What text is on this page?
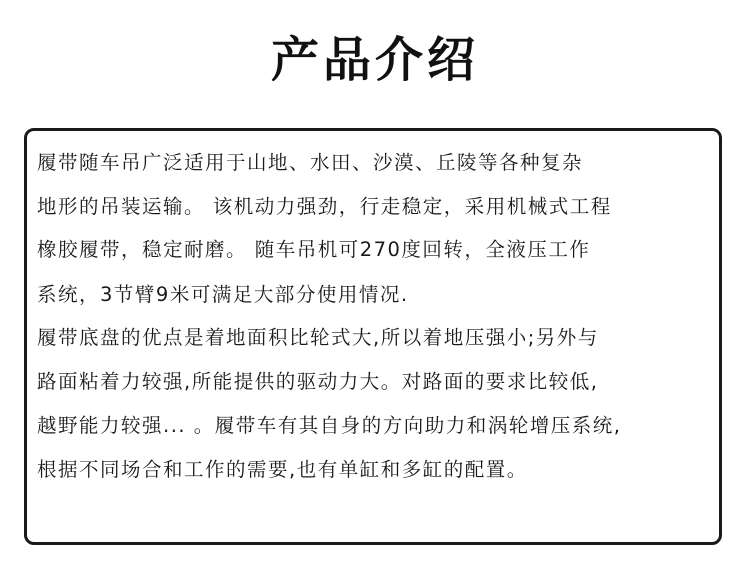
产品介绍
履带随车吊广泛适用于山地、水田、沙漠、丘陵等各种复杂
地形的吊装运输。 该机动力强劲，行走稳定，采用机械式工程
橡胶履带，稳定耐磨。 随车吊机可270度回转，全液压工作
系统，3节臂9米可满足大部分使用情况.
履带底盘的优点是着地面积比轮式大,所以着地压强小;另外与
路面粘着力较强,所能提供的驱动力大。对路面的要求比较低,
越野能力较强... 。履带车有其自身的方向助力和涡轮增压系统,
根据不同场合和工作的需要,也有单缸和多缸的配置。
